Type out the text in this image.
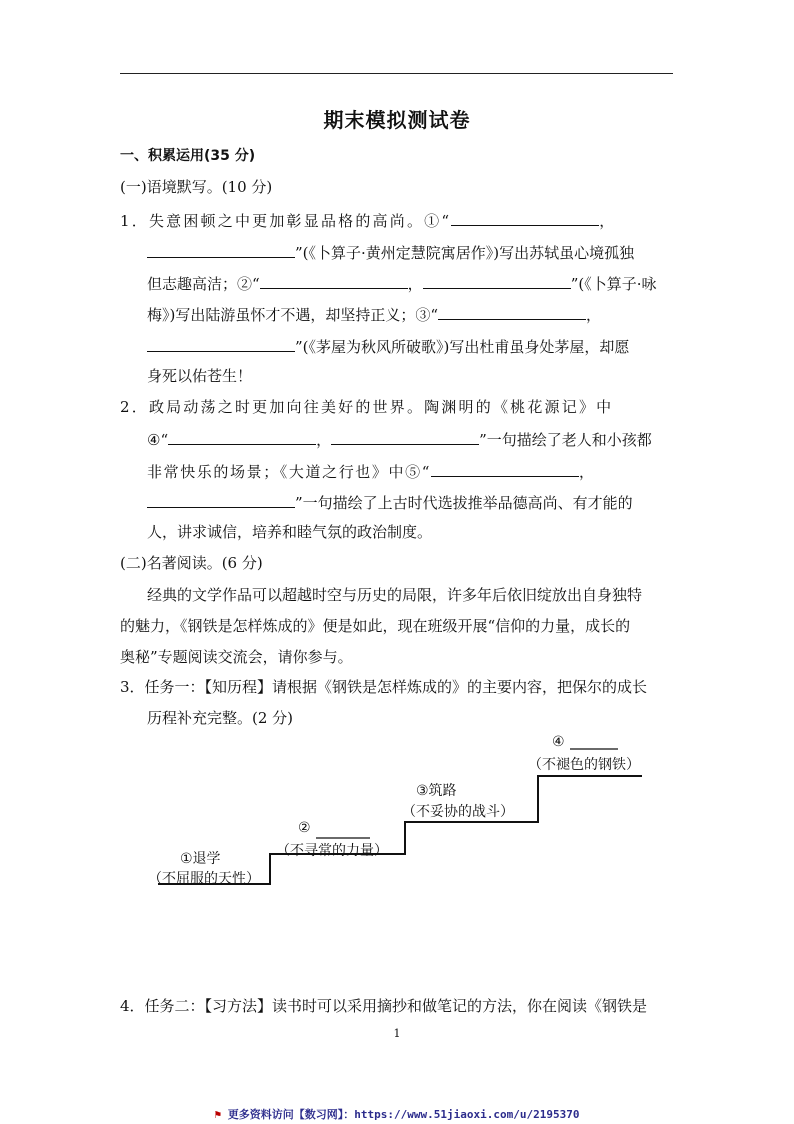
期末模拟测试卷
一、积累运用(35 分)
(一)语境默写。(10 分)
1．失意困顿之中更加彰显品格的高尚。①“	，
”(《卜算子·黄州定慧院寓居作》)写出苏轼虽心境孤独
但志趣高洁；②“	，	”(《卜算子·咏
梅》)写出陆游虽怀才不遇，却坚持正义；③“	，
”(《茅屋为秋风所破歌》)写出杜甫虽身处茅屋，却愿
身死以佑苍生！
2．政局动荡之时更加向往美好的世界。陶渊明的《桃花源记》中
④“	，	”一句描绘了老人和小孩都
非常快乐的场景；《大道之行也》中⑤“	，
”一句描绘了上古时代选拔推举品德高尚、有才能的
人，讲求诚信，培养和睦气氛的政治制度。
(二)名著阅读。(6 分)
经典的文学作品可以超越时空与历史的局限，许多年后依旧绽放出自身独特
的魅力，《钢铁是怎样炼成的》便是如此，现在班级开展“信仰的力量，成长的
奥秘”专题阅读交流会，请你参与。
3．任务一：【知历程】请根据《钢铁是怎样炼成的》的主要内容，把保尔的成长
历程补充完整。(2 分)
①退学
（不屈服的天性）
②
（不寻常的力量）
③筑路
（不妥协的战斗）
④
（不褪色的钢铁）
4．任务二：【习方法】读书时可以采用摘抄和做笔记的方法，你在阅读《钢铁是
1
⚑ 更多资料访问【数习网】：https://www.51jiaoxi.com/u/2195370
